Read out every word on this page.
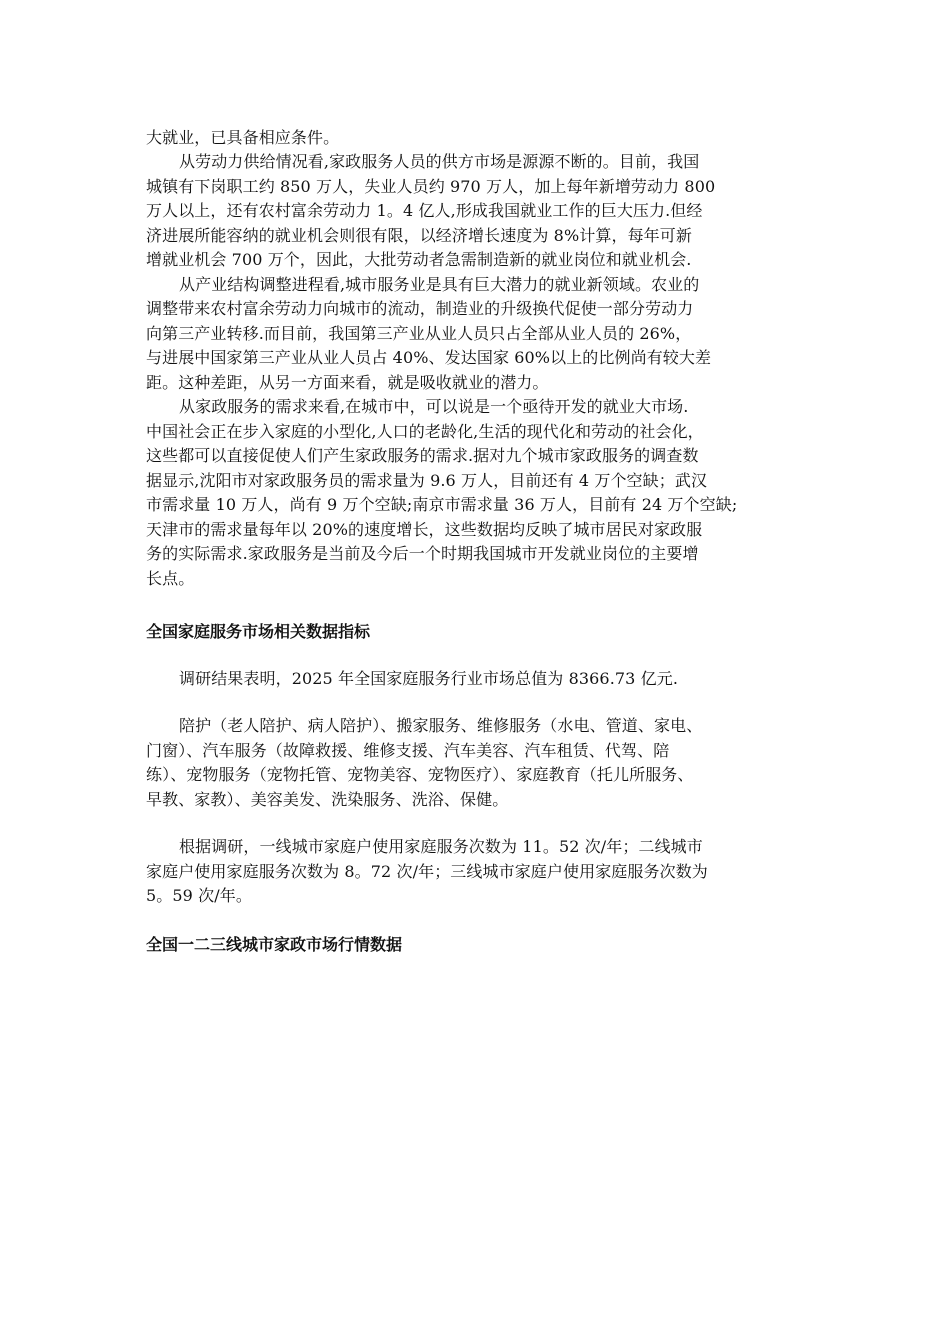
大就业，已具备相应条件。
从劳动力供给情况看,家政服务人员的供方市场是源源不断的。目前，我国
城镇有下岗职工约 850 万人，失业人员约 970 万人，加上每年新增劳动力 800
万人以上，还有农村富余劳动力 1。4 亿人,形成我国就业工作的巨大压力.但经
济进展所能容纳的就业机会则很有限，以经济增长速度为 8%计算，每年可新
增就业机会 700 万个，因此，大批劳动者急需制造新的就业岗位和就业机会.
从产业结构调整进程看,城市服务业是具有巨大潜力的就业新领域。农业的
调整带来农村富余劳动力向城市的流动，制造业的升级换代促使一部分劳动力
向第三产业转移.而目前，我国第三产业从业人员只占全部从业人员的 26%，
与进展中国家第三产业从业人员占 40%、发达国家 60%以上的比例尚有较大差
距。这种差距，从另一方面来看，就是吸收就业的潜力。
从家政服务的需求来看,在城市中，可以说是一个亟待开发的就业大市场.
中国社会正在步入家庭的小型化,人口的老龄化,生活的现代化和劳动的社会化，
这些都可以直接促使人们产生家政服务的需求.据对九个城市家政服务的调查数
据显示,沈阳市对家政服务员的需求量为 9.6 万人，目前还有 4 万个空缺；武汉
市需求量 10 万人，尚有 9 万个空缺;南京市需求量 36 万人，目前有 24 万个空缺;
天津市的需求量每年以 20%的速度增长，这些数据均反映了城市居民对家政服
务的实际需求.家政服务是当前及今后一个时期我国城市开发就业岗位的主要增
长点。
全国家庭服务市场相关数据指标
调研结果表明，2025 年全国家庭服务行业市场总值为 8366.73 亿元.
陪护（老人陪护、病人陪护）、搬家服务、维修服务（水电、管道、家电、
门窗）、汽车服务（故障救援、维修支援、汽车美容、汽车租赁、代驾、陪
练）、宠物服务（宠物托管、宠物美容、宠物医疗）、家庭教育（托儿所服务、
早教、家教）、美容美发、洗染服务、洗浴、保健。
根据调研，一线城市家庭户使用家庭服务次数为 11。52 次/年；二线城市
家庭户使用家庭服务次数为 8。72 次/年；三线城市家庭户使用家庭服务次数为
5。59 次/年。
全国一二三线城市家政市场行情数据
